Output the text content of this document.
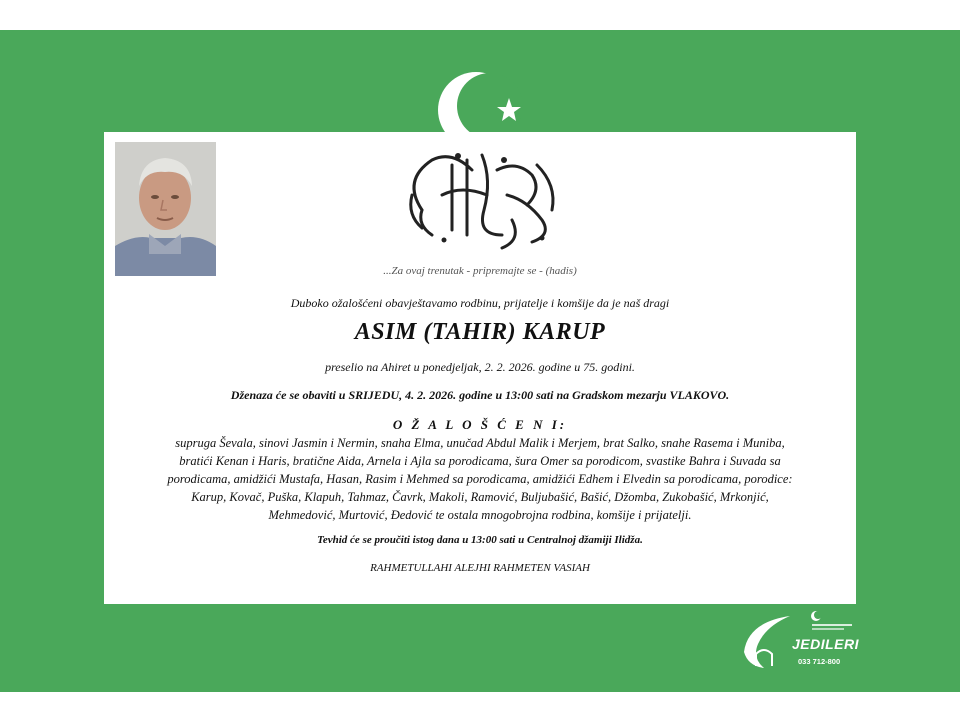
...Za ovaj trenutak - pripremajte se - (hadis)
Duboko ožalošćeni obavještavamo rodbinu, prijatelje i komšije da je naš dragi
ASIM (TAHIR) KARUP
preselio na Ahiret u ponedjeljak, 2. 2. 2026. godine u 75. godini.
Dženaza će se obaviti u SRIJEDU, 4. 2. 2026. godine u 13:00 sati na Gradskom mezarju VLAKOVO.
O Ž A L O Š Ć E N I:
supruga Ševala, sinovi Jasmin i Nermin, snaha Elma, unučad Abdul Malik i Merjem, brat Salko, snahe Rasema i Muniba,
bratići Kenan i Haris, bratične Aida, Arnela i Ajla sa porodicama, šura Omer sa porodicom, svastike Bahra i Suvada sa
porodicama, amidžići Mustafa, Hasan, Rasim i Mehmed sa porodicama, amidžići Edhem i Elvedin sa porodicama, porodice:
Karup, Kovač, Puška, Klapuh, Tahmaz, Čavrk, Makoli, Ramović, Buljubašić, Bašić, Džomba, Zukobašić, Mrkonjić,
Mehmedović, Murtović, Đedović te ostala mnogobrojna rodbina, komšije i prijatelji.
Tevhid će se proučiti istog dana u 13:00 sati u Centralnoj džamiji Ilidža.
RAHMETULLAHI ALEJHI RAHMETEN VASIAH
JEDILERI
033 712-800
